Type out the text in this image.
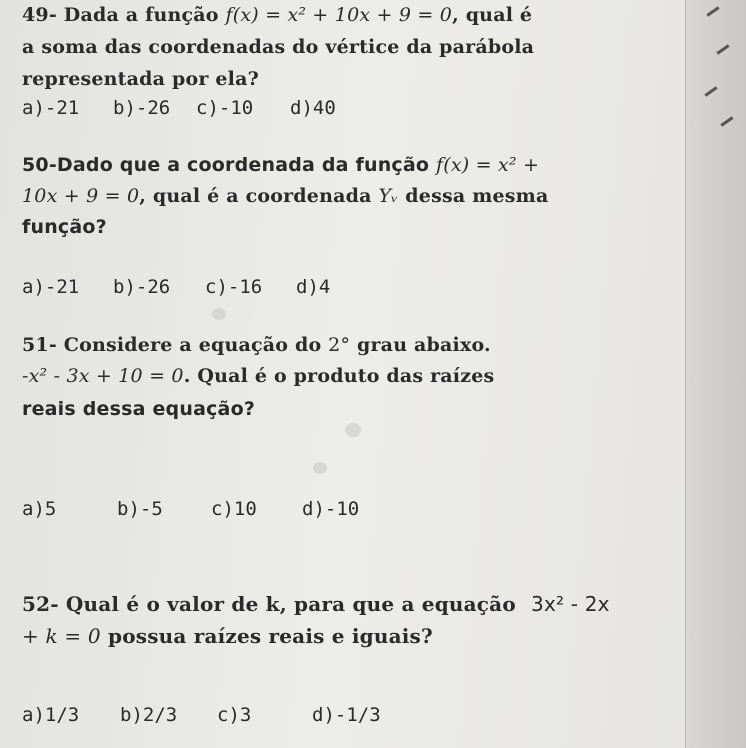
49- Dada a função f(x) = x² + 10x + 9 = 0, qual é
a soma das coordenadas do vértice da parábola
representada por ela?
a)-21 b)-26 c)-10 d)40
50-Dado que a coordenada da função f(x) = x² +
10x + 9 = 0, qual é a coordenada Yᵥ dessa mesma
função?
a)-21 b)-26 c)-16 d)4
51- Considere a equação do 2° grau abaixo.
-x² - 3x + 10 = 0. Qual é o produto das raízes
reais dessa equação?
a)5	b)-5	c)10 d)-10
52- Qual é o valor de k, para que a equação 3x² - 2x
+ k = 0 possua raízes reais e iguais?
a)1/3 b)2/3 c)3	d)-1/3
